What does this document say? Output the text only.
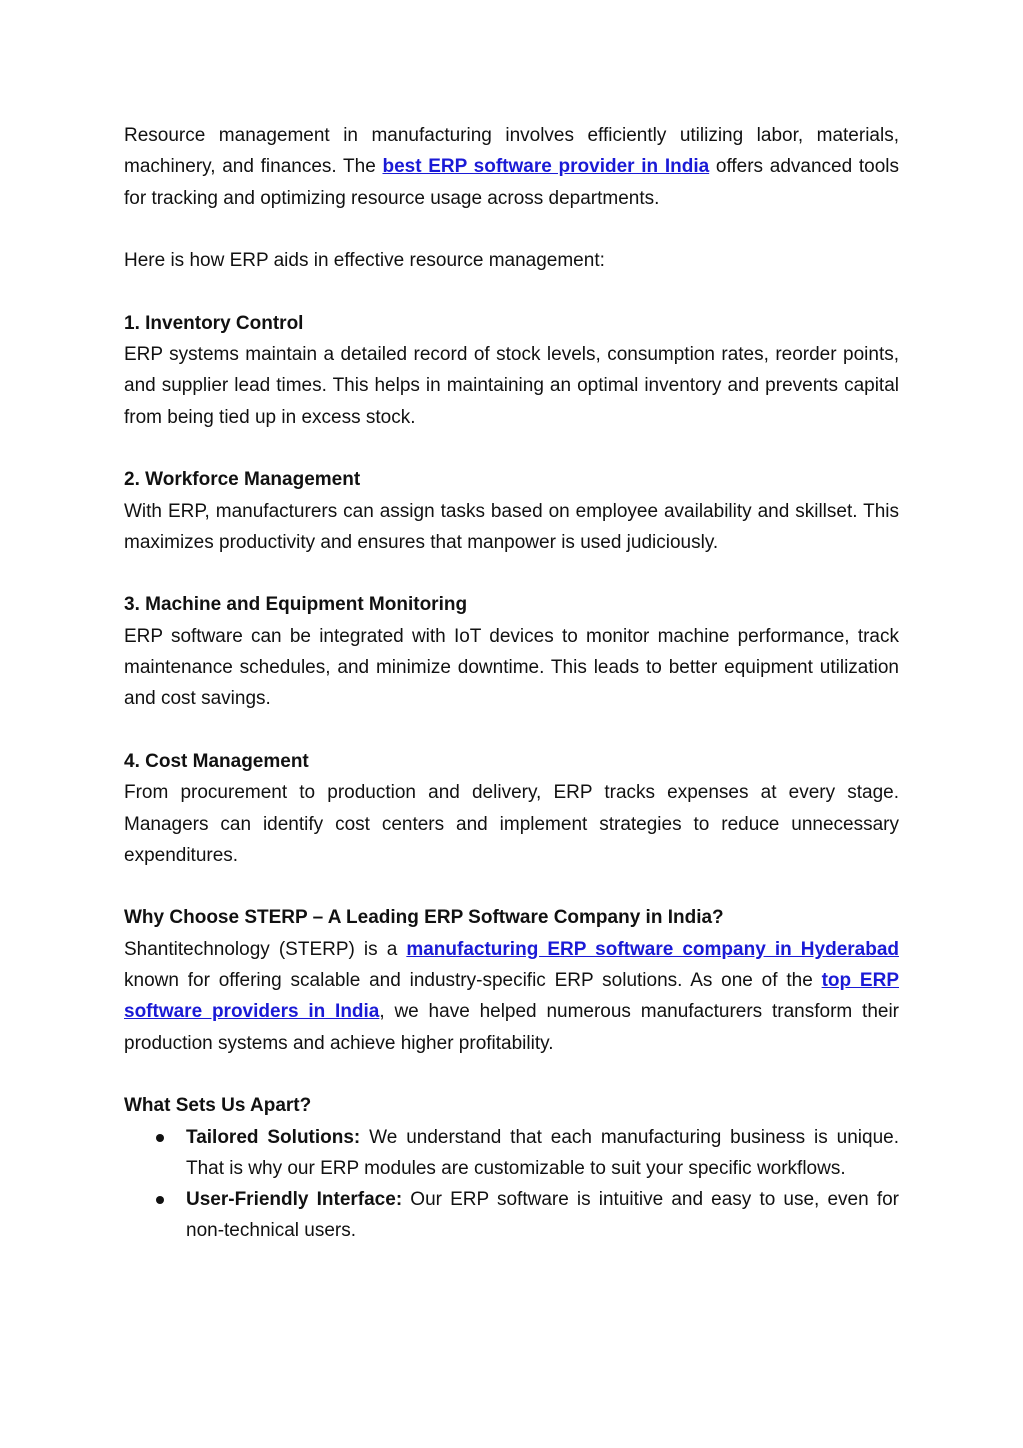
Resource management in manufacturing involves efficiently utilizing labor, materials, machinery, and finances. The best ERP software provider in India offers advanced tools for tracking and optimizing resource usage across departments.

Here is how ERP aids in effective resource management:

1. Inventory Control

ERP systems maintain a detailed record of stock levels, consumption rates, reorder points, and supplier lead times. This helps in maintaining an optimal inventory and prevents capital from being tied up in excess stock.

2. Workforce Management

With ERP, manufacturers can assign tasks based on employee availability and skillset. This maximizes productivity and ensures that manpower is used judiciously.

3. Machine and Equipment Monitoring

ERP software can be integrated with IoT devices to monitor machine performance, track maintenance schedules, and minimize downtime. This leads to better equipment utilization and cost savings.

4. Cost Management

From procurement to production and delivery, ERP tracks expenses at every stage. Managers can identify cost centers and implement strategies to reduce unnecessary expenditures.

Why Choose STERP – A Leading ERP Software Company in India?

Shantitechnology (STERP) is a manufacturing ERP software company in Hyderabad known for offering scalable and industry-specific ERP solutions. As one of the top ERP software providers in India, we have helped numerous manufacturers transform their production systems and achieve higher profitability.

What Sets Us Apart?

Tailored Solutions: We understand that each manufacturing business is unique. That is why our ERP modules are customizable to suit your specific workflows.
User-Friendly Interface: Our ERP software is intuitive and easy to use, even for non-technical users.
